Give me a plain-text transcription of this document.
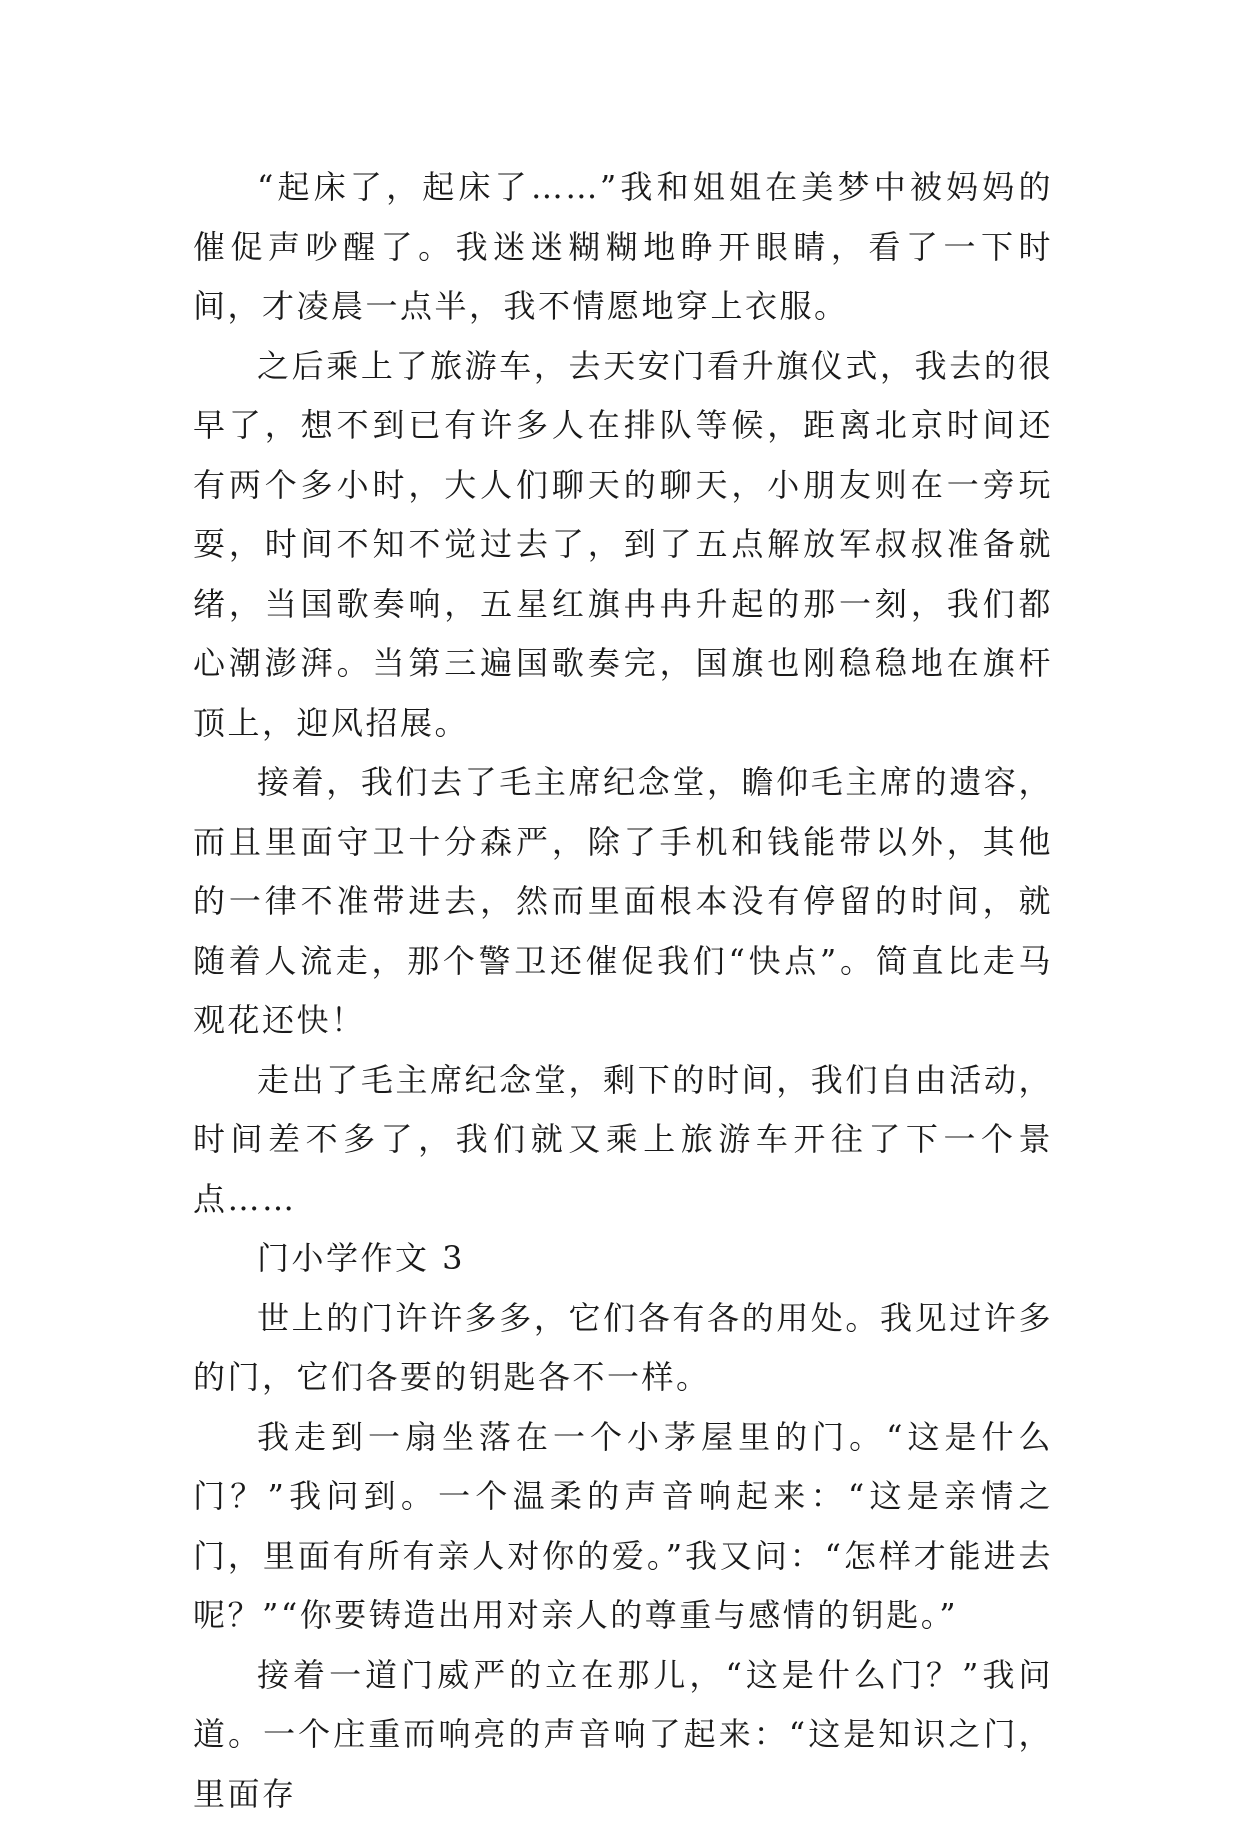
“起床了，起床了……”我和姐姐在美梦中被妈妈的催促声吵醒了。我迷迷糊糊地睁开眼睛，看了一下时间，才凌晨一点半，我不情愿地穿上衣服。

之后乘上了旅游车，去天安门看升旗仪式，我去的很早了，想不到已有许多人在排队等候，距离北京时间还有两个多小时，大人们聊天的聊天，小朋友则在一旁玩耍，时间不知不觉过去了，到了五点解放军叔叔准备就绪，当国歌奏响，五星红旗冉冉升起的那一刻，我们都心潮澎湃。当第三遍国歌奏完，国旗也刚稳稳地在旗杆顶上，迎风招展。

接着，我们去了毛主席纪念堂，瞻仰毛主席的遗容，而且里面守卫十分森严，除了手机和钱能带以外，其他的一律不准带进去，然而里面根本没有停留的时间，就随着人流走，那个警卫还催促我们“快点”。简直比走马观花还快！

走出了毛主席纪念堂，剩下的时间，我们自由活动，时间差不多了，我们就又乘上旅游车开往了下一个景点……

门小学作文 3

世上的门许许多多，它们各有各的用处。我见过许多的门，它们各要的钥匙各不一样。

我走到一扇坐落在一个小茅屋里的门。“这是什么门？”我问到。一个温柔的声音响起来：“这是亲情之门，里面有所有亲人对你的爱。”我又问：“怎样才能进去呢？”“你要铸造出用对亲人的尊重与感情的钥匙。”

接着一道门威严的立在那儿，“这是什么门？”我问道。一个庄重而响亮的声音响了起来：“这是知识之门，里面存
